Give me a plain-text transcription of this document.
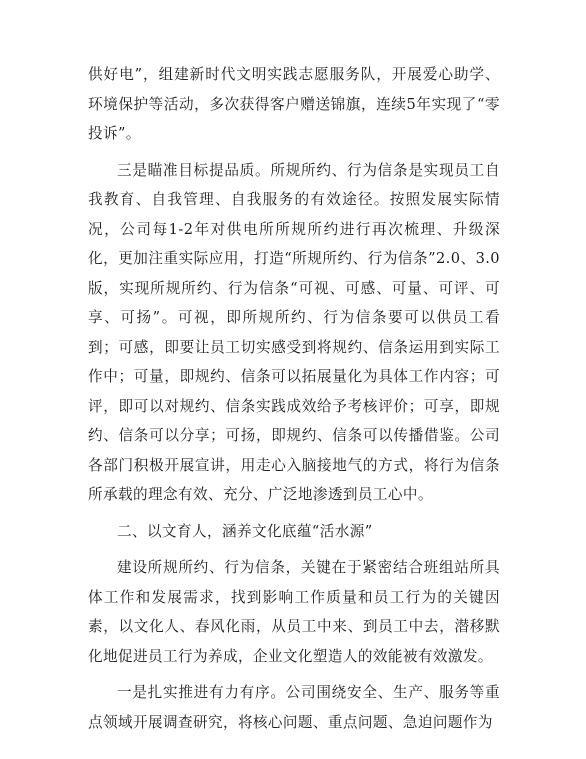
供好电”，组建新时代文明实践志愿服务队，开展爱心助学、环境保护等活动，多次获得客户赠送锦旗，连续5年实现了“零投诉”。

三是瞄准目标提品质。所规所约、行为信条是实现员工自我教育、自我管理、自我服务的有效途径。按照发展实际情况，公司每1-2年对供电所所规所约进行再次梳理、升级深化，更加注重实际应用，打造“所规所约、行为信条”2.0、3.0版，实现所规所约、行为信条“可视、可感、可量、可评、可享、可扬”。可视，即所规所约、行为信条要可以供员工看到；可感，即要让员工切实感受到将规约、信条运用到实际工作中；可量，即规约、信条可以拓展量化为具体工作内容；可评，即可以对规约、信条实践成效给予考核评价；可享，即规约、信条可以分享；可扬，即规约、信条可以传播借鉴。公司各部门积极开展宣讲，用走心入脑接地气的方式，将行为信条所承载的理念有效、充分、广泛地渗透到员工心中。

二、以文育人，涵养文化底蕴“活水源”

建设所规所约、行为信条，关键在于紧密结合班组站所具体工作和发展需求，找到影响工作质量和员工行为的关键因素，以文化人、春风化雨，从员工中来、到员工中去，潜移默化地促进员工行为养成，企业文化塑造人的效能被有效激发。

一是扎实推进有力有序。公司围绕安全、生产、服务等重点领域开展调查研究，将核心问题、重点问题、急迫问题作为
